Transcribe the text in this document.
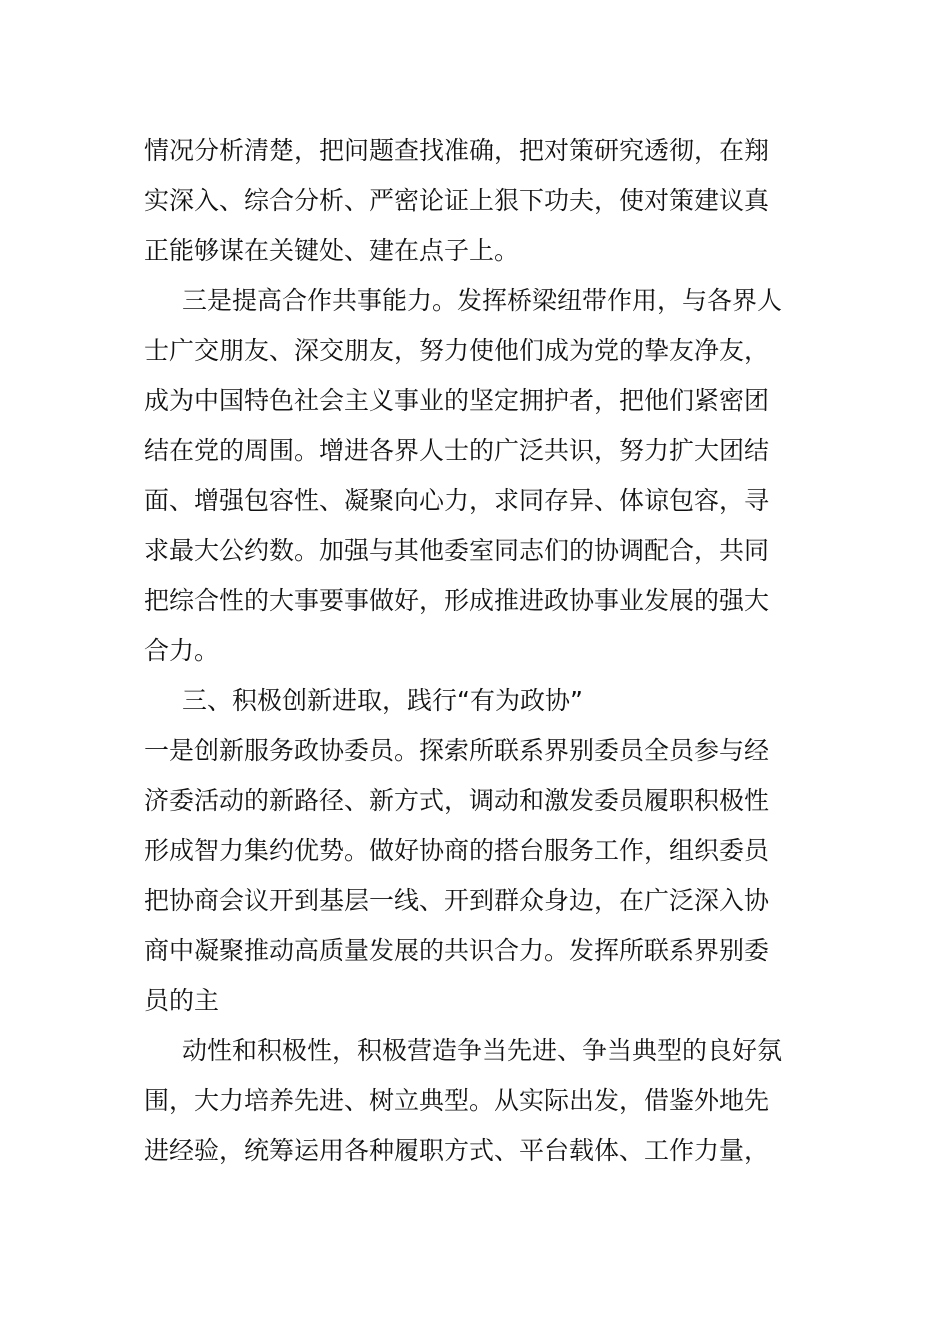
情况分析清楚，把问题查找准确，把对策研究透彻，在翔
实深入、综合分析、严密论证上狠下功夫，使对策建议真
正能够谋在关键处、建在点子上。
三是提高合作共事能力。发挥桥梁纽带作用，与各界人
士广交朋友、深交朋友，努力使他们成为党的挚友净友，
成为中国特色社会主义事业的坚定拥护者，把他们紧密团
结在党的周围。增进各界人士的广泛共识，努力扩大团结
面、增强包容性、凝聚向心力，求同存异、体谅包容，寻
求最大公约数。加强与其他委室同志们的协调配合，共同
把综合性的大事要事做好，形成推进政协事业发展的强大
合力。
三、积极创新进取，践行“有为政协”
一是创新服务政协委员。探索所联系界别委员全员参与经
济委活动的新路径、新方式，调动和激发委员履职积极性
形成智力集约优势。做好协商的搭台服务工作，组织委员
把协商会议开到基层一线、开到群众身边，在广泛深入协
商中凝聚推动高质量发展的共识合力。发挥所联系界别委
员的主
动性和积极性，积极营造争当先进、争当典型的良好氛
围，大力培养先进、树立典型。从实际出发，借鉴外地先
进经验，统筹运用各种履职方式、平台载体、工作力量，
